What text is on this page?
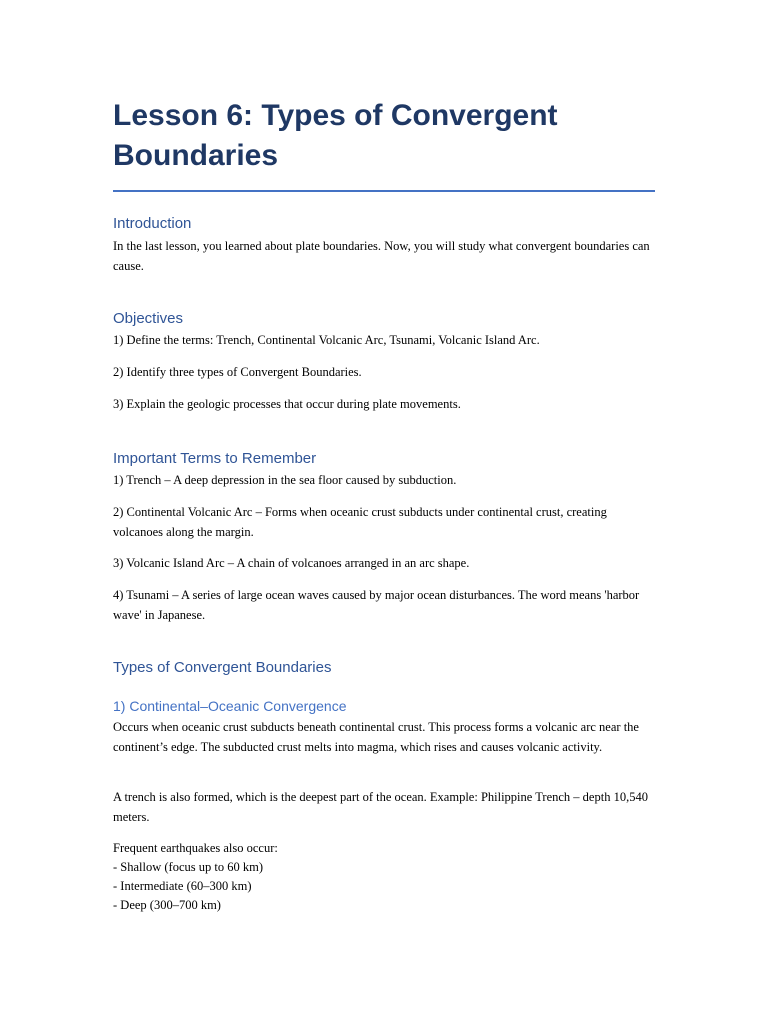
Lesson 6: Types of Convergent Boundaries
Introduction

In the last lesson, you learned about plate boundaries. Now, you will study what convergent boundaries can cause.

Objectives

1) Define the terms: Trench, Continental Volcanic Arc, Tsunami, Volcanic Island Arc.

2) Identify three types of Convergent Boundaries.

3) Explain the geologic processes that occur during plate movements.

Important Terms to Remember

1) Trench – A deep depression in the sea floor caused by subduction.

2) Continental Volcanic Arc – Forms when oceanic crust subducts under continental crust, creating volcanoes along the margin.

3) Volcanic Island Arc – A chain of volcanoes arranged in an arc shape.

4) Tsunami – A series of large ocean waves caused by major ocean disturbances. The word means 'harbor wave' in Japanese.

Types of Convergent Boundaries
1) Continental–Oceanic Convergence

Occurs when oceanic crust subducts beneath continental crust. This process forms a volcanic arc near the continent’s edge. The subducted crust melts into magma, which rises and causes volcanic activity.

A trench is also formed, which is the deepest part of the ocean. Example: Philippine Trench – depth 10,540 meters.

Frequent earthquakes also occur:

- Shallow (focus up to 60 km)

- Intermediate (60–300 km)

- Deep (300–700 km)
